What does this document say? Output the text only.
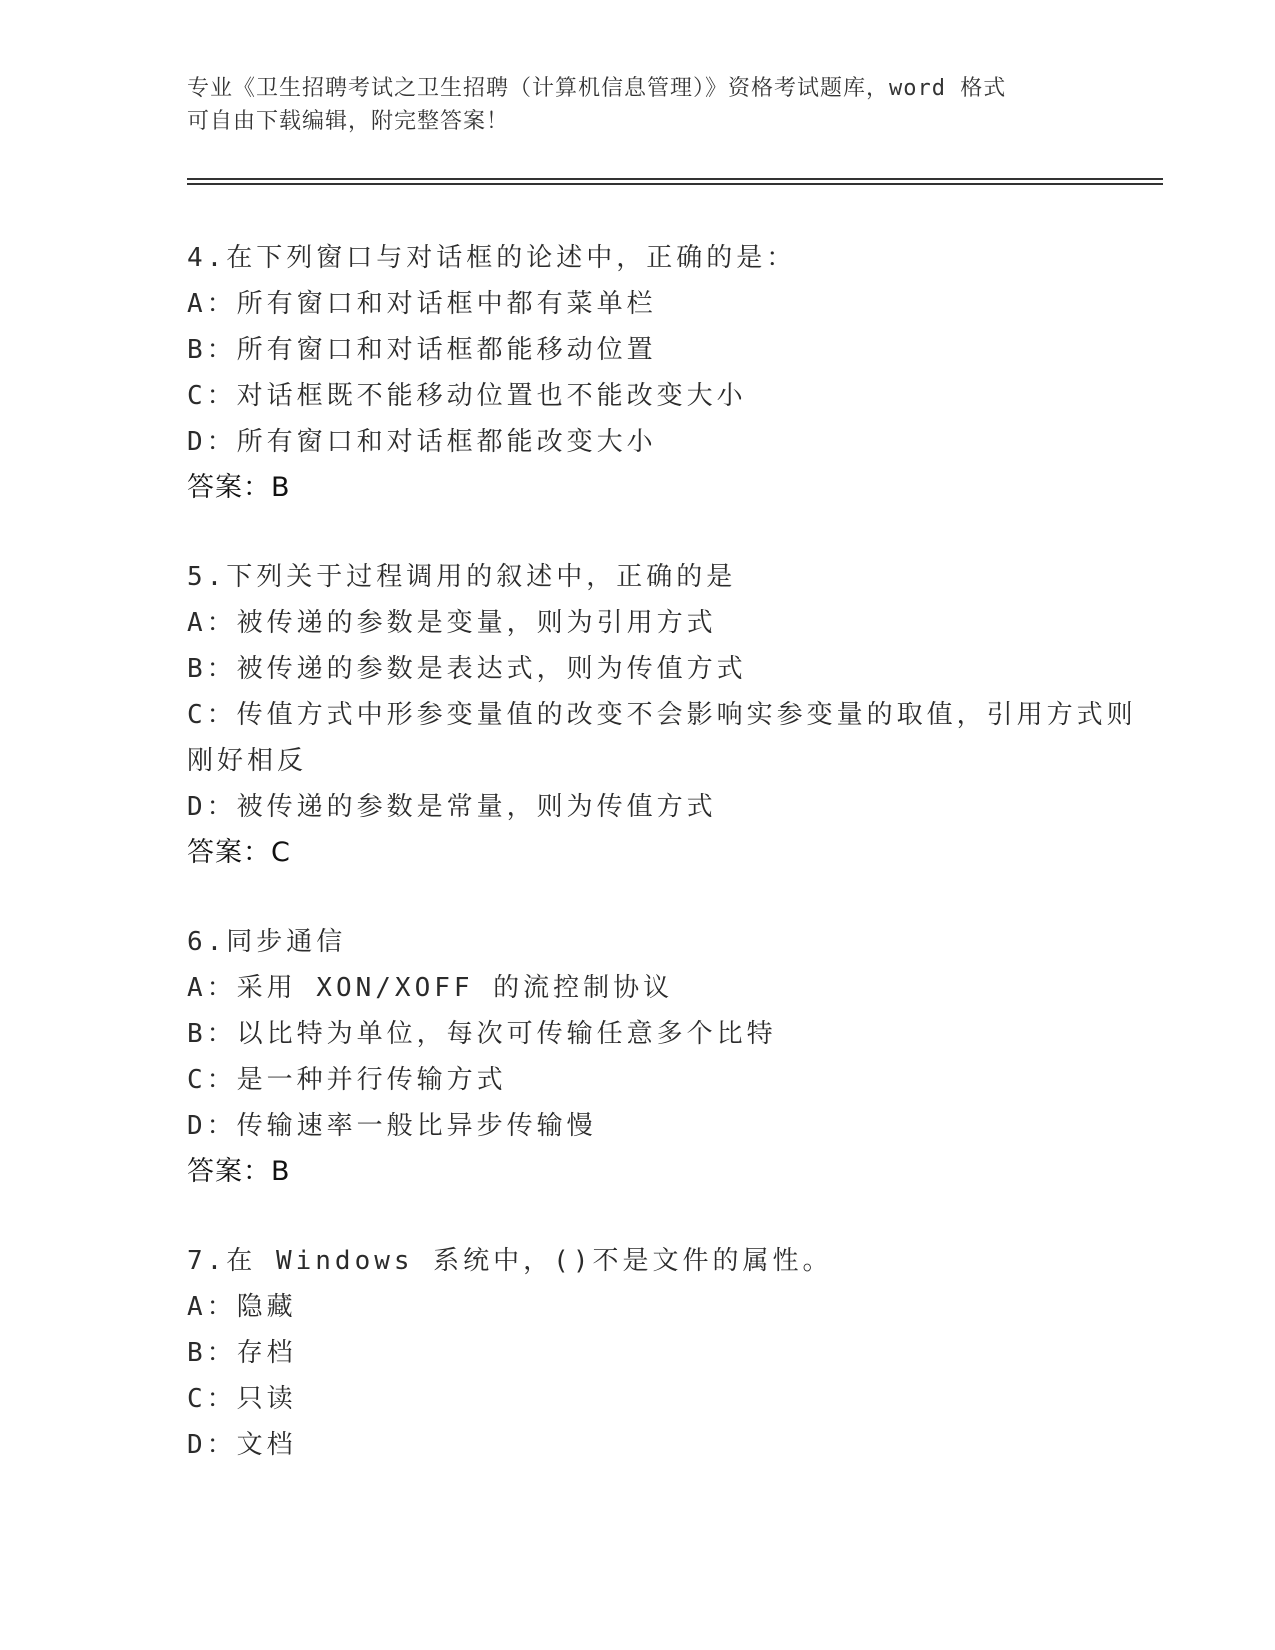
专业《卫生招聘考试之卫生招聘（计算机信息管理）》资格考试题库，word 格式
可自由下载编辑，附完整答案！
4.在下列窗口与对话框的论述中，正确的是：
A：所有窗口和对话框中都有菜单栏
B：所有窗口和对话框都能移动位置
C：对话框既不能移动位置也不能改变大小
D：所有窗口和对话框都能改变大小
答案：B
5.下列关于过程调用的叙述中，正确的是
A：被传递的参数是变量，则为引用方式
B：被传递的参数是表达式，则为传值方式
C：传值方式中形参变量值的改变不会影响实参变量的取值，引用方式则刚好相反
D：被传递的参数是常量，则为传值方式
答案：C
6.同步通信
A：采用 XON/XOFF 的流控制协议
B：以比特为单位，每次可传输任意多个比特
C：是一种并行传输方式
D：传输速率一般比异步传输慢
答案：B
7.在 Windows 系统中，()不是文件的属性。
A：隐藏
B：存档
C：只读
D：文档
